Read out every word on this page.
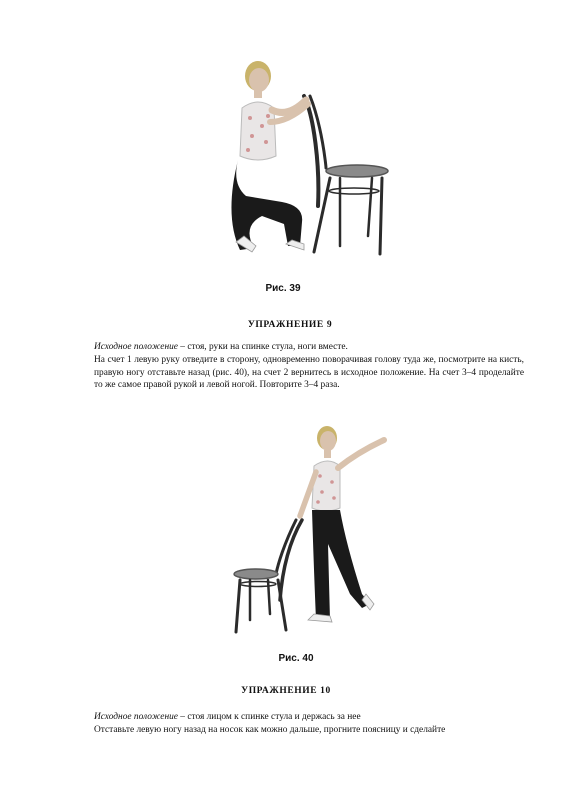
Рис. 39
УПРАЖНЕНИЕ 9

Исходное положение – стоя, руки на спинке стула, ноги вместе.

На счет 1 левую руку отведите в сторону, одновременно поворачивая голову туда же, посмотрите на кисть, правую ногу отставьте назад (рис. 40), на счет 2 вернитесь в исходное положение. На счет 3–4 проделайте то же самое правой рукой и левой ногой. Повторите 3–4 раза.

Рис. 40
УПРАЖНЕНИЕ 10

Исходное положение – стоя лицом к спинке стула и держась за нее

Отставьте левую ногу назад на носок как можно дальше, прогните поясницу и сделайте
